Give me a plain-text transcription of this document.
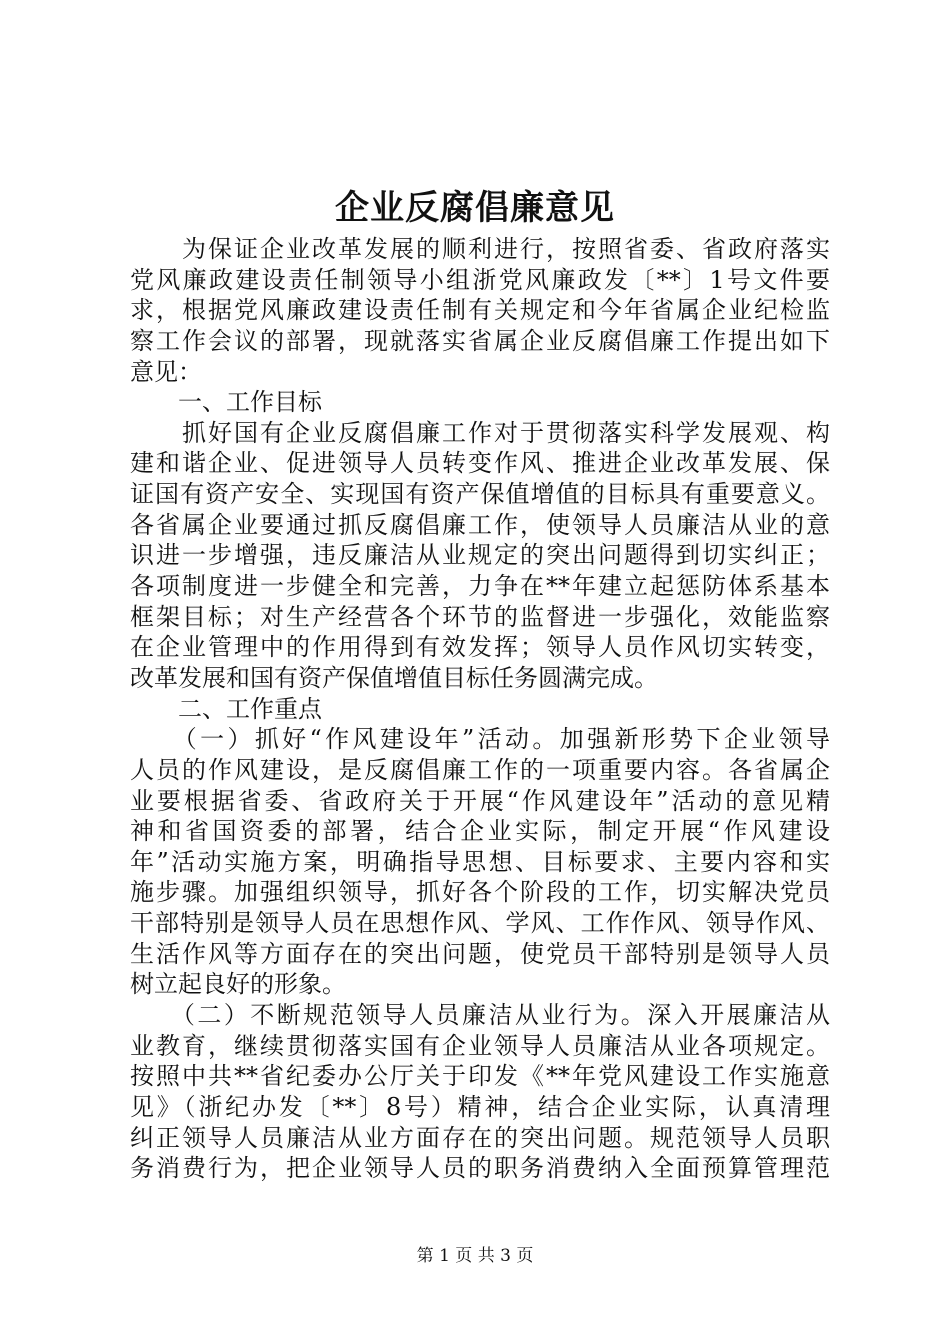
企业反腐倡廉意见
　　为保证企业改革发展的顺利进行，按照省委、省政府落实
党风廉政建设责任制领导小组浙党风廉政发〔**〕1号文件要
求，根据党风廉政建设责任制有关规定和今年省属企业纪检监
察工作会议的部署，现就落实省属企业反腐倡廉工作提出如下
意见：
　　一、工作目标
　　抓好国有企业反腐倡廉工作对于贯彻落实科学发展观、构
建和谐企业、促进领导人员转变作风、推进企业改革发展、保
证国有资产安全、实现国有资产保值增值的目标具有重要意义。
各省属企业要通过抓反腐倡廉工作，使领导人员廉洁从业的意
识进一步增强，违反廉洁从业规定的突出问题得到切实纠正；
各项制度进一步健全和完善，力争在**年建立起惩防体系基本
框架目标；对生产经营各个环节的监督进一步强化，效能监察
在企业管理中的作用得到有效发挥；领导人员作风切实转变，
改革发展和国有资产保值增值目标任务圆满完成。
　　二、工作重点
　　（一）抓好“作风建设年”活动。加强新形势下企业领导
人员的作风建设，是反腐倡廉工作的一项重要内容。各省属企
业要根据省委、省政府关于开展“作风建设年”活动的意见精
神和省国资委的部署，结合企业实际，制定开展“作风建设
年”活动实施方案，明确指导思想、目标要求、主要内容和实
施步骤。加强组织领导，抓好各个阶段的工作，切实解决党员
干部特别是领导人员在思想作风、学风、工作作风、领导作风、
生活作风等方面存在的突出问题，使党员干部特别是领导人员
树立起良好的形象。
　　（二）不断规范领导人员廉洁从业行为。深入开展廉洁从
业教育，继续贯彻落实国有企业领导人员廉洁从业各项规定。
按照中共**省纪委办公厅关于印发《**年党风建设工作实施意
见》（浙纪办发〔**〕8号）精神，结合企业实际，认真清理
纠正领导人员廉洁从业方面存在的突出问题。规范领导人员职
务消费行为，把企业领导人员的职务消费纳入全面预算管理范
第 1 页 共 3 页
